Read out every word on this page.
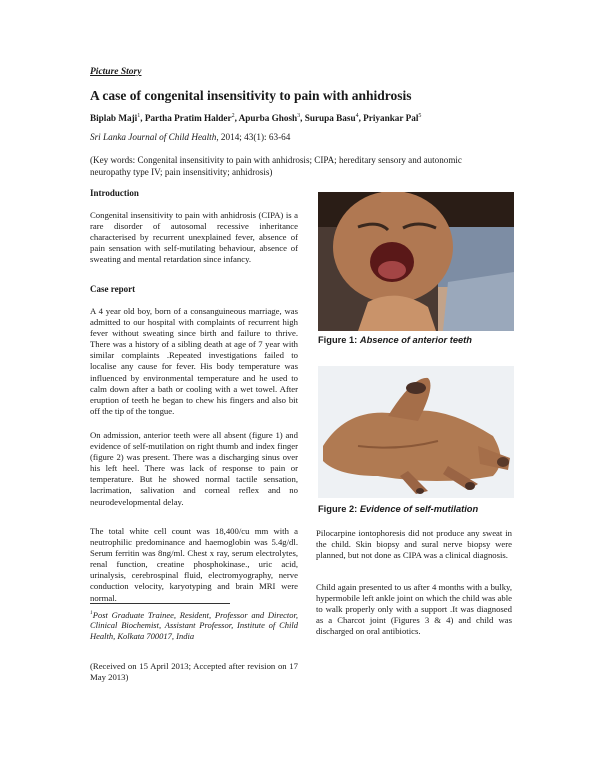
Picture Story
A case of congenital insensitivity to pain with anhidrosis
Biplab Maji$^1$, Partha Pratim Halder$^2$, Apurba Ghosh$^3$, Surupa Basu$^4$, Priyankar Pal$^5$
Sri Lanka Journal of Child Health, 2014; 43(1): 63-64
(Key words: Congenital insensitivity to pain with anhidrosis; CIPA; hereditary sensory and autonomic neuropathy type IV; pain insensitivity; anhidrosis)
Introduction
Congenital insensitivity to pain with anhidrosis (CIPA) is a rare disorder of autosomal recessive inheritance characterised by recurrent unexplained fever, absence of pain sensation with self-mutilating behaviour, absence of sweating and mental retardation since infancy.
Case report
A 4 year old boy, born of a consanguineous marriage, was admitted to our hospital with complaints of recurrent high fever without sweating since birth and failure to thrive. There was a history of a sibling death at age of 7 year with similar complaints .Repeated investigations failed to localise any cause for fever. His body temperature was influenced by environmental temperature and he used to calm down after a bath or cooling with a wet towel. After eruption of teeth he began to chew his fingers and also bit off the tip of the tongue.
On admission, anterior teeth were all absent (figure 1) and evidence of self-mutilation on right thumb and index finger (figure 2) was present. There was a discharging sinus over his left heel. There was lack of response to pain or temperature. But he showed normal tactile sensation, lacrimation, salivation and corneal reflex and no neurodevelopmental delay.
The total white cell count was 18,400/cu mm with a neutrophilic predominance and haemoglobin was 5.4g/dl. Serum ferritin was 8ng/ml. Chest x ray, serum electrolytes, renal function, creatine phosphokinase., uric acid, urinalysis, cerebrospinal fluid, electromyography, nerve conduction velocity, karyotyping and brain MRI were normal.
$^1$Post Graduate Trainee, Resident, Professor and Director, Clinical Biochemist, Assistant Professor, Institute of Child Health, Kolkata 700017, India
(Received on 15 April 2013; Accepted after revision on 17 May 2013)
Figure 1: Absence of anterior teeth
Figure 2: Evidence of self-mutilation
Pilocarpine iontophoresis did not produce any sweat in the child. Skin biopsy and sural nerve biopsy were planned, but not done as CIPA was a clinical diagnosis.
Child again presented to us after 4 months with a bulky, hypermobile left ankle joint on which the child was able to walk properly only with a support .It was diagnosed as a Charcot joint (Figures 3 & 4) and child was discharged on oral antibiotics.
